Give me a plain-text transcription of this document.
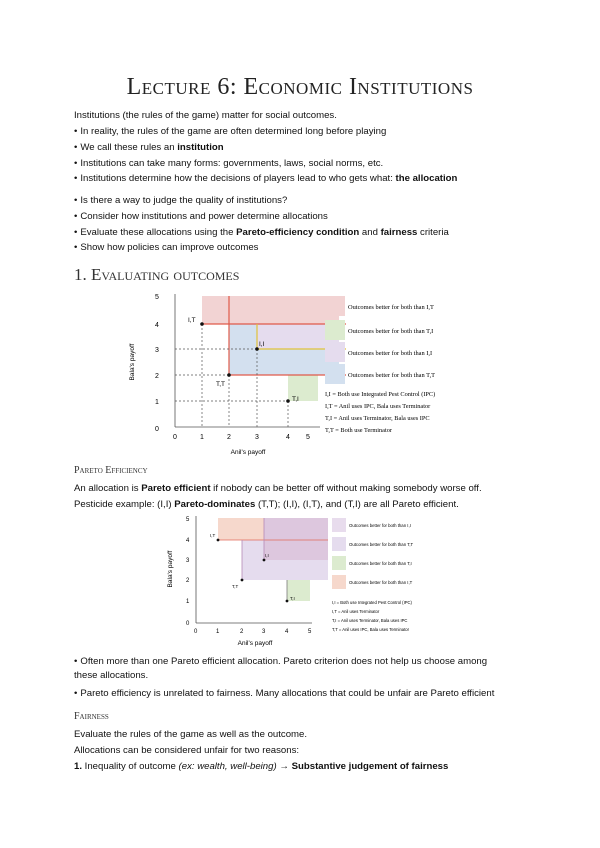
Lecture 6: Economic Institutions
Institutions (the rules of the game) matter for social outcomes.
• In reality, the rules of the game are often determined long before playing
• We call these rules an institution
• Institutions can take many forms: governments, laws, social norms, etc.
• Institutions determine how the decisions of players lead to who gets what: the allocation
• Is there a way to judge the quality of institutions?
• Consider how institutions and power determine allocations
• Evaluate these allocations using the Pareto-efficiency condition and fairness criteria
• Show how policies can improve outcomes
1. Evaluating outcomes
0
1
2
3
4
5
0	1	2	3	4 5
Anil's payoff
Bala's payoff
I,T
I,I
T,T
T,I
Outcomes better for both than I,T
Outcomes better for both than T,I
Outcomes better for both than I,I
Outcomes better for both than T,T
I,I = Both use Integrated Pest Control (IPC)
I,T = Anil uses IPC, Bala uses Terminator
T,I = Anil uses Terminator, Bala uses IPC
T,T = Both use Terminator
Pareto Efficiency
An allocation is Pareto efficient if nobody can be better off without making somebody worse off.
Pesticide example: (I,I) Pareto-dominates (T,T); (I,I), (I,T), and (T,I) are all Pareto efficient.
0
1
2
3
4
5
0	1	2	3	4	5
Anil's payoff
Bala's payoff
I,T
I,I
T,T
T,I
Outcomes better for both than I,I
Outcomes better for both than T,T
Outcomes better for both than T,I
Outcomes better for both than I,T
I,I = Both use Integrated Pest Control (IPC)
I,T = Anil uses Terminator
T,I = Anil uses Terminator, Bala uses IPC
T,T = Anil uses IPC, Bala uses Terminator
• Often more than one Pareto efficient allocation. Pareto criterion does not help us choose among
these allocations.
• Pareto efficiency is unrelated to fairness. Many allocations that could be unfair are Pareto efficient
Fairness
Evaluate the rules of the game as well as the outcome.
Allocations can be considered unfair for two reasons:
1. Inequality of outcome (ex: wealth, well-being) → Substantive judgement of fairness
